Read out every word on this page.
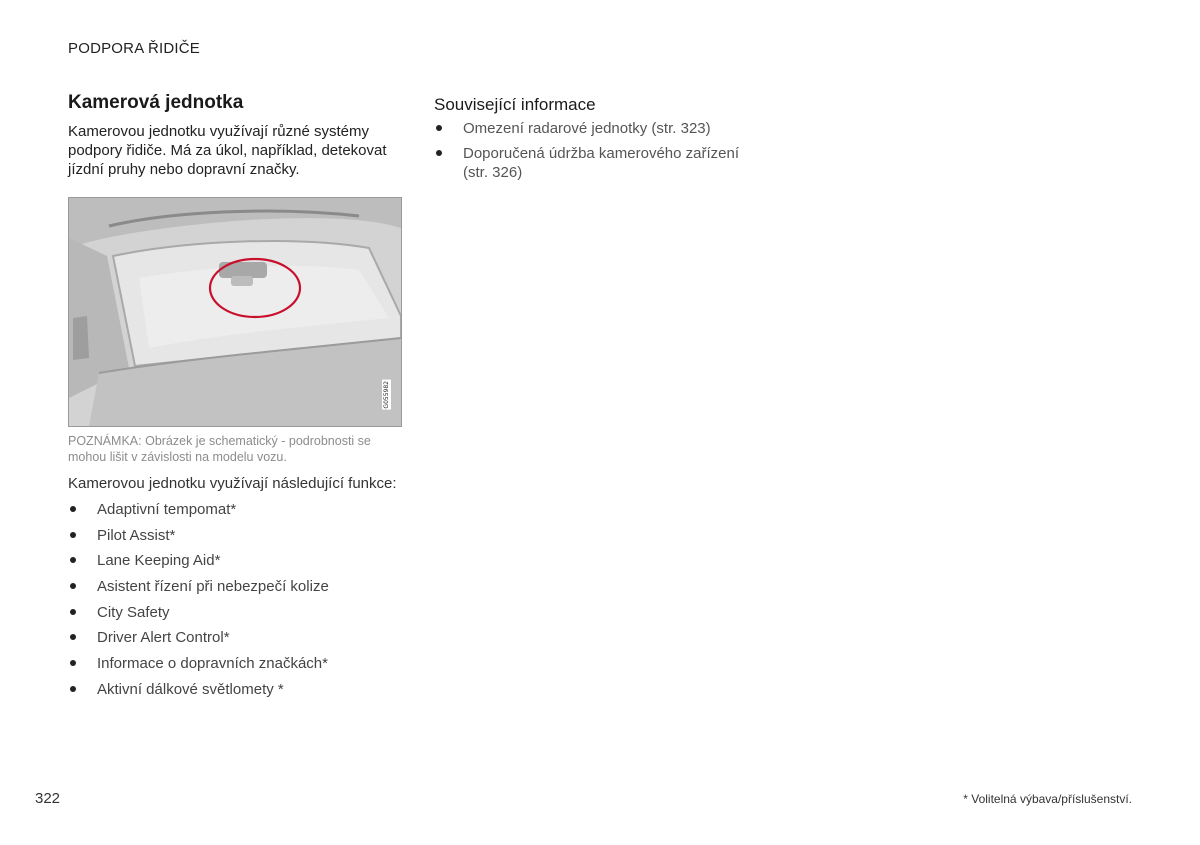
PODPORA ŘIDIČE
Kamerová jednotka

Kamerovou jednotku využívají různé systémy podpory řidiče. Má za úkol, například, detekovat jízdní pruhy nebo dopravní značky.

G055982

POZNÁMKA: Obrázek je schematický - podrobnosti se mohou lišit v závislosti na modelu vozu.

Kamerovou jednotku využívají následující funkce:

Adaptivní tempomat*
Pilot Assist*
Lane Keeping Aid*
Asistent řízení při nebezpečí kolize
City Safety
Driver Alert Control*
Informace o dopravních značkách*
Aktivní dálkové světlomety *
Související informace
Omezení radarové jednotky (str. 323)
Doporučená údržba kamerového zařízení (str. 326)
322	* Volitelná výbava/příslušenství.
